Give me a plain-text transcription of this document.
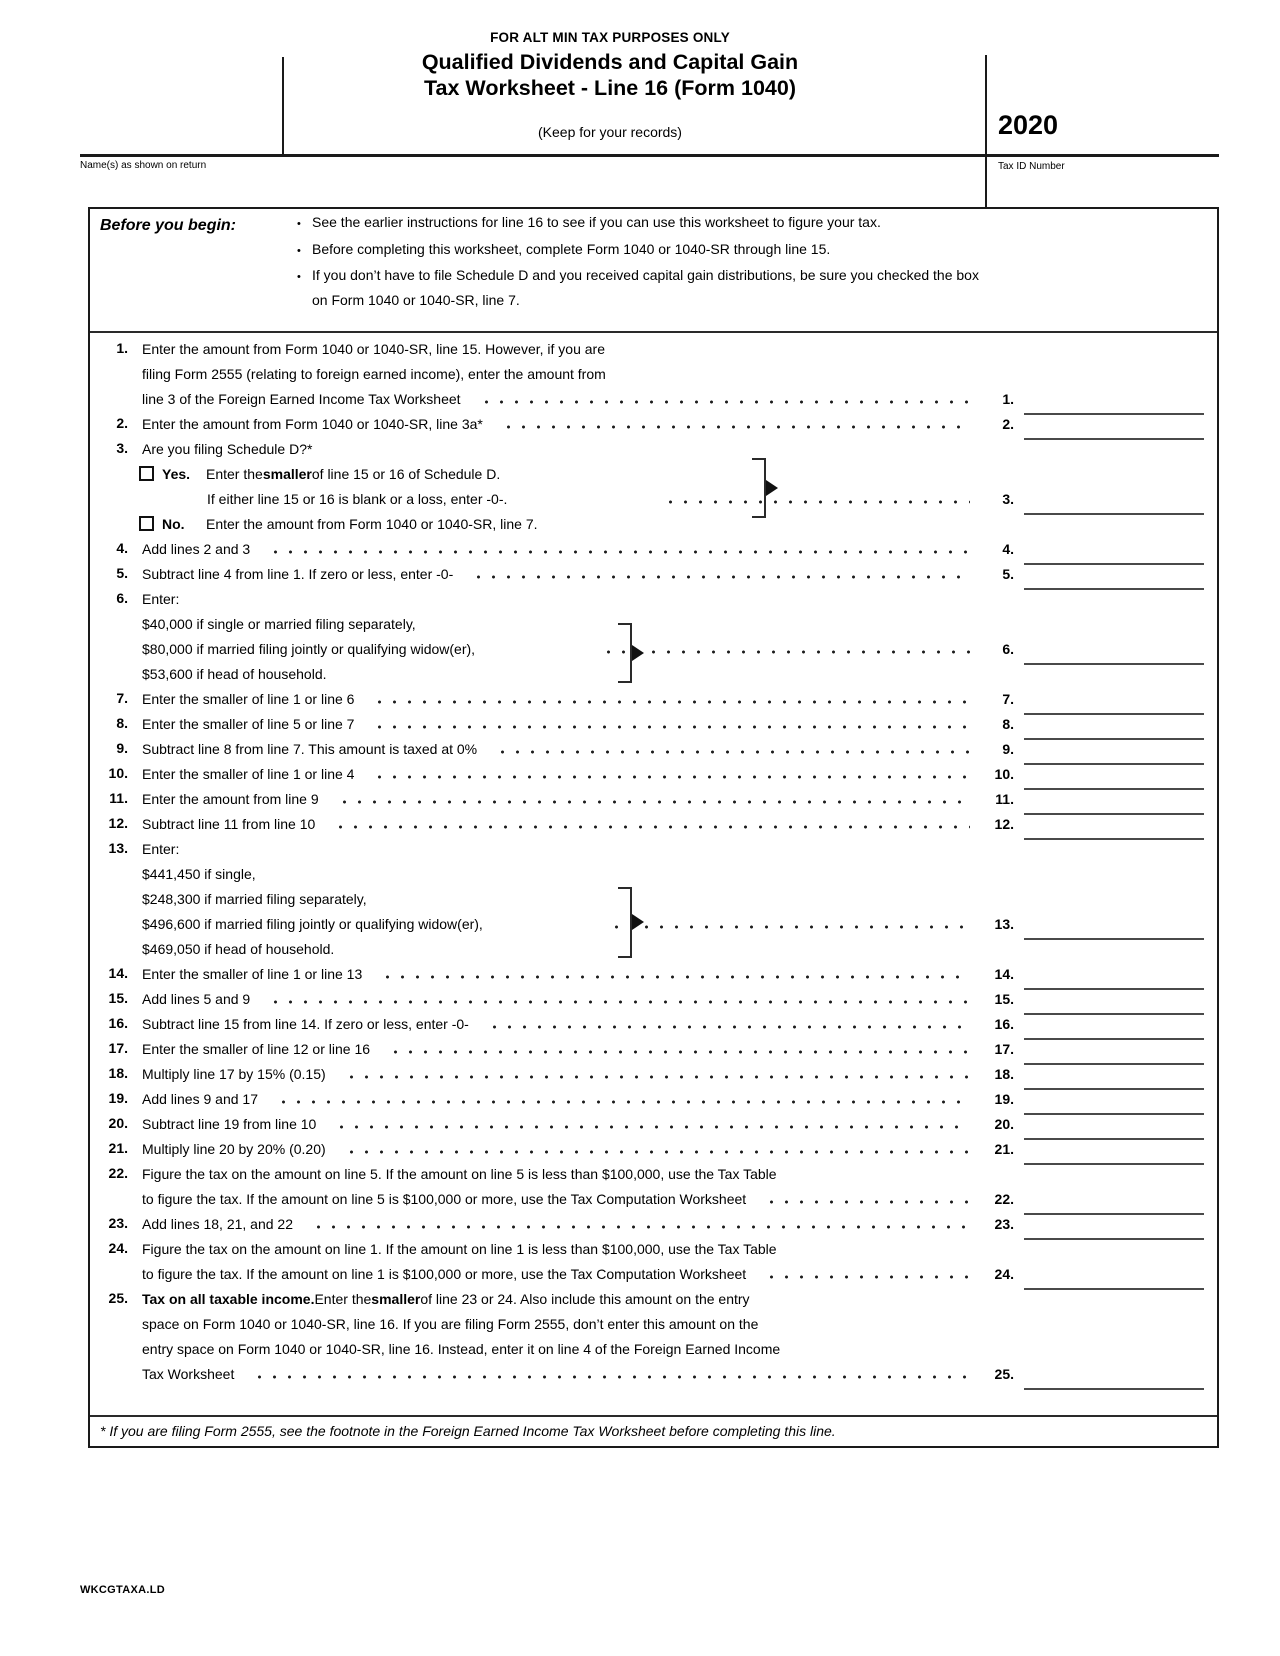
FOR ALT MIN TAX PURPOSES ONLY
Qualified Dividends and Capital Gain
Tax Worksheet - Line 16 (Form 1040)
(Keep for your records)	2020
Name(s) as shown on return	Tax ID Number
Before you begin: •	See the earlier instructions for line 16 to see if you can use this worksheet to figure your tax.
•
Before completing this worksheet, complete Form 1040 or 1040-SR through line 15.
•
If you don’t have to file Schedule D and you received capital gain distributions, be sure you checked the box
on Form 1040 or 1040-SR, line 7.
1. Enter the amount from Form 1040 or 1040-SR, line 15. However, if you are
filing Form 2555 (relating to foreign earned income), enter the amount from
line 3 of the Foreign Earned Income Tax Worksheet	1.
2. Enter the amount from Form 1040 or 1040-SR, line 3a*	2.
3. Are you filing Schedule D?*
Yes.	Enter the smaller of line 15 or 16 of Schedule D.
If either line 15 or 16 is blank or a loss, enter -0-.	3.
No.	Enter the amount from Form 1040 or 1040-SR, line 7.
4. Add lines 2 and 3	4.
5. Subtract line 4 from line 1. If zero or less, enter -0-	5.
6. Enter:
$40,000 if single or married filing separately,
$80,000 if married filing jointly or qualifying widow(er),	6.
$53,600 if head of household.
7. Enter the smaller of line 1 or line 6	7.
8. Enter the smaller of line 5 or line 7	8.
9. Subtract line 8 from line 7. This amount is taxed at 0%	9.
10. Enter the smaller of line 1 or line 4	10.
11. Enter the amount from line 9	11.
12. Subtract line 11 from line 10	12.
13. Enter:
$441,450 if single,
$248,300 if married filing separately,
$496,600 if married filing jointly or qualifying widow(er),	13.
$469,050 if head of household.
14. Enter the smaller of line 1 or line 13	14.
15. Add lines 5 and 9	15.
16. Subtract line 15 from line 14. If zero or less, enter -0-	16.
17. Enter the smaller of line 12 or line 16	17.
18. Multiply line 17 by 15% (0.15)	18.
19. Add lines 9 and 17	19.
20. Subtract line 19 from line 10	20.
21. Multiply line 20 by 20% (0.20)	21.
22. Figure the tax on the amount on line 5. If the amount on line 5 is less than $100,000, use the Tax Table
to figure the tax. If the amount on line 5 is $100,000 or more, use the Tax Computation Worksheet	22.
23. Add lines 18, 21, and 22	23.
24. Figure the tax on the amount on line 1. If the amount on line 1 is less than $100,000, use the Tax Table
to figure the tax. If the amount on line 1 is $100,000 or more, use the Tax Computation Worksheet	24.
25. Tax on all taxable income. Enter the smaller of line 23 or 24. Also include this amount on the entry
space on Form 1040 or 1040-SR, line 16. If you are filing Form 2555, don’t enter this amount on the
entry space on Form 1040 or 1040-SR, line 16. Instead, enter it on line 4 of the Foreign Earned Income
Tax Worksheet	25.
* If you are filing Form 2555, see the footnote in the Foreign Earned Income Tax Worksheet before completing this line.
WKCGTAXA.LD
